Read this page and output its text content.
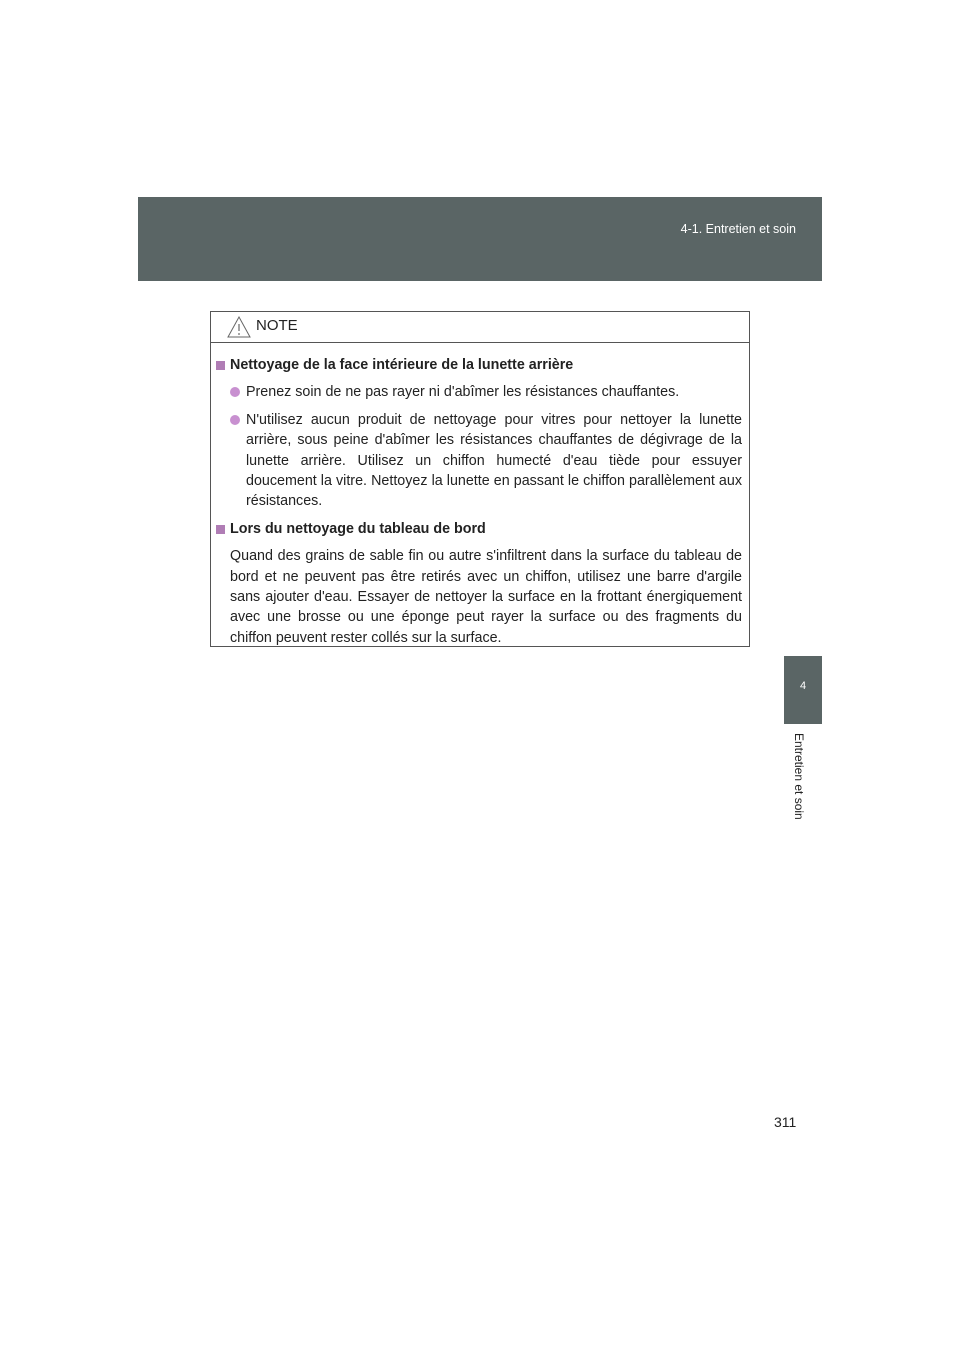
4-1. Entretien et soin
4
Entretien et soin
NOTE
Nettoyage de la face intérieure de la lunette arrière
Prenez soin de ne pas rayer ni d'abîmer les résistances chauffantes.
N'utilisez aucun produit de nettoyage pour vitres pour nettoyer la lunette arrière, sous peine d'abîmer les résistances chauffantes de dégivrage de la lunette arrière. Utilisez un chiffon humecté d'eau tiède pour essuyer doucement la vitre. Nettoyez la lunette en passant le chiffon parallèlement aux résistances.
Lors du nettoyage du tableau de bord
Quand des grains de sable fin ou autre s'infiltrent dans la surface du tableau de bord et ne peuvent pas être retirés avec un chiffon, utilisez une barre d'argile sans ajouter d'eau. Essayer de nettoyer la surface en la frottant énergiquement avec une brosse ou une éponge peut rayer la surface ou des fragments du chiffon peuvent rester collés sur la surface.
311
